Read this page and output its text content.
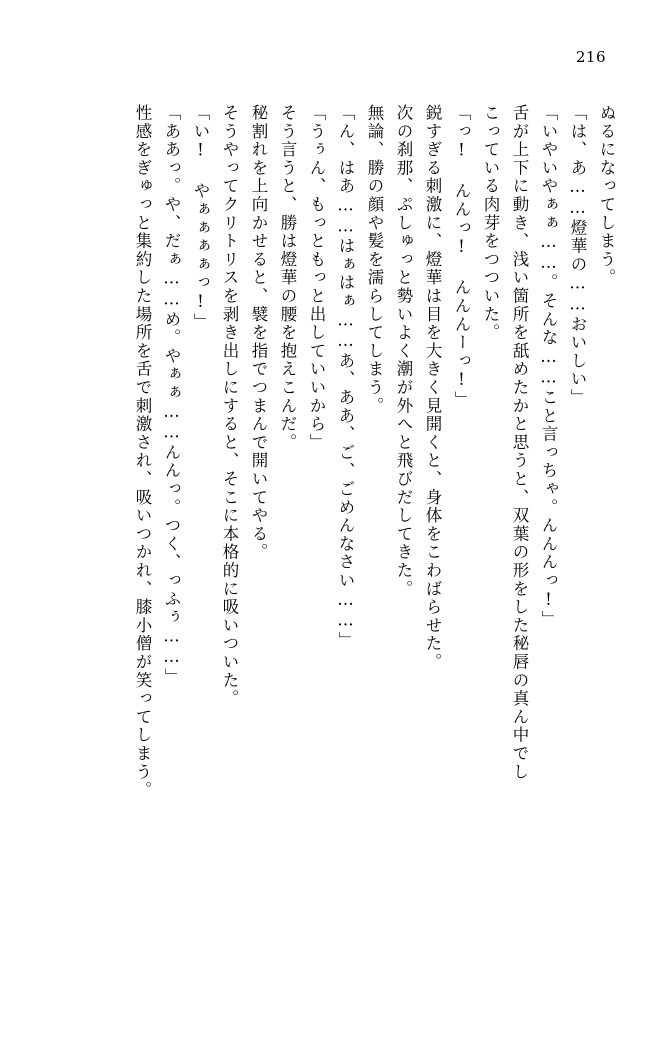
216
ぬるになってしまう。
「は、あ……燈華の……おいしい」
「いやいやぁぁ……。そんな……こと言っちゃ。んんんっ!」
舌が上下に動き、浅い箇所を舐めたかと思うと、双葉の形をした秘唇の真ん中でし
こっている肉芽をつついた。
「っ! んんっ! んんんーっ!」
鋭すぎる刺激に、燈華は目を大きく見開くと、身体をこわばらせた。
次の刹那、ぷしゅっと勢いよく潮が外へと飛びだしてきた。
無論、勝の顔や髪を濡らしてしまう。
「ん、はあ……はぁはぁ……あ、ああ、ご、ごめんなさい……」
「うぅん、もっともっと出していいから」
そう言うと、勝は燈華の腰を抱えこんだ。
秘割れを上向かせると、襞を指でつまんで開いてやる。
そうやってクリトリスを剥き出しにすると、そこに本格的に吸いついた。
「い! やぁぁぁぁっ!」
「ああっ。や、だぁ……め。やぁぁ……んんっ。つく、っふぅ……」
性感をぎゅっと集約した場所を舌で刺激され、吸いつかれ、膝小僧が笑ってしまう。
